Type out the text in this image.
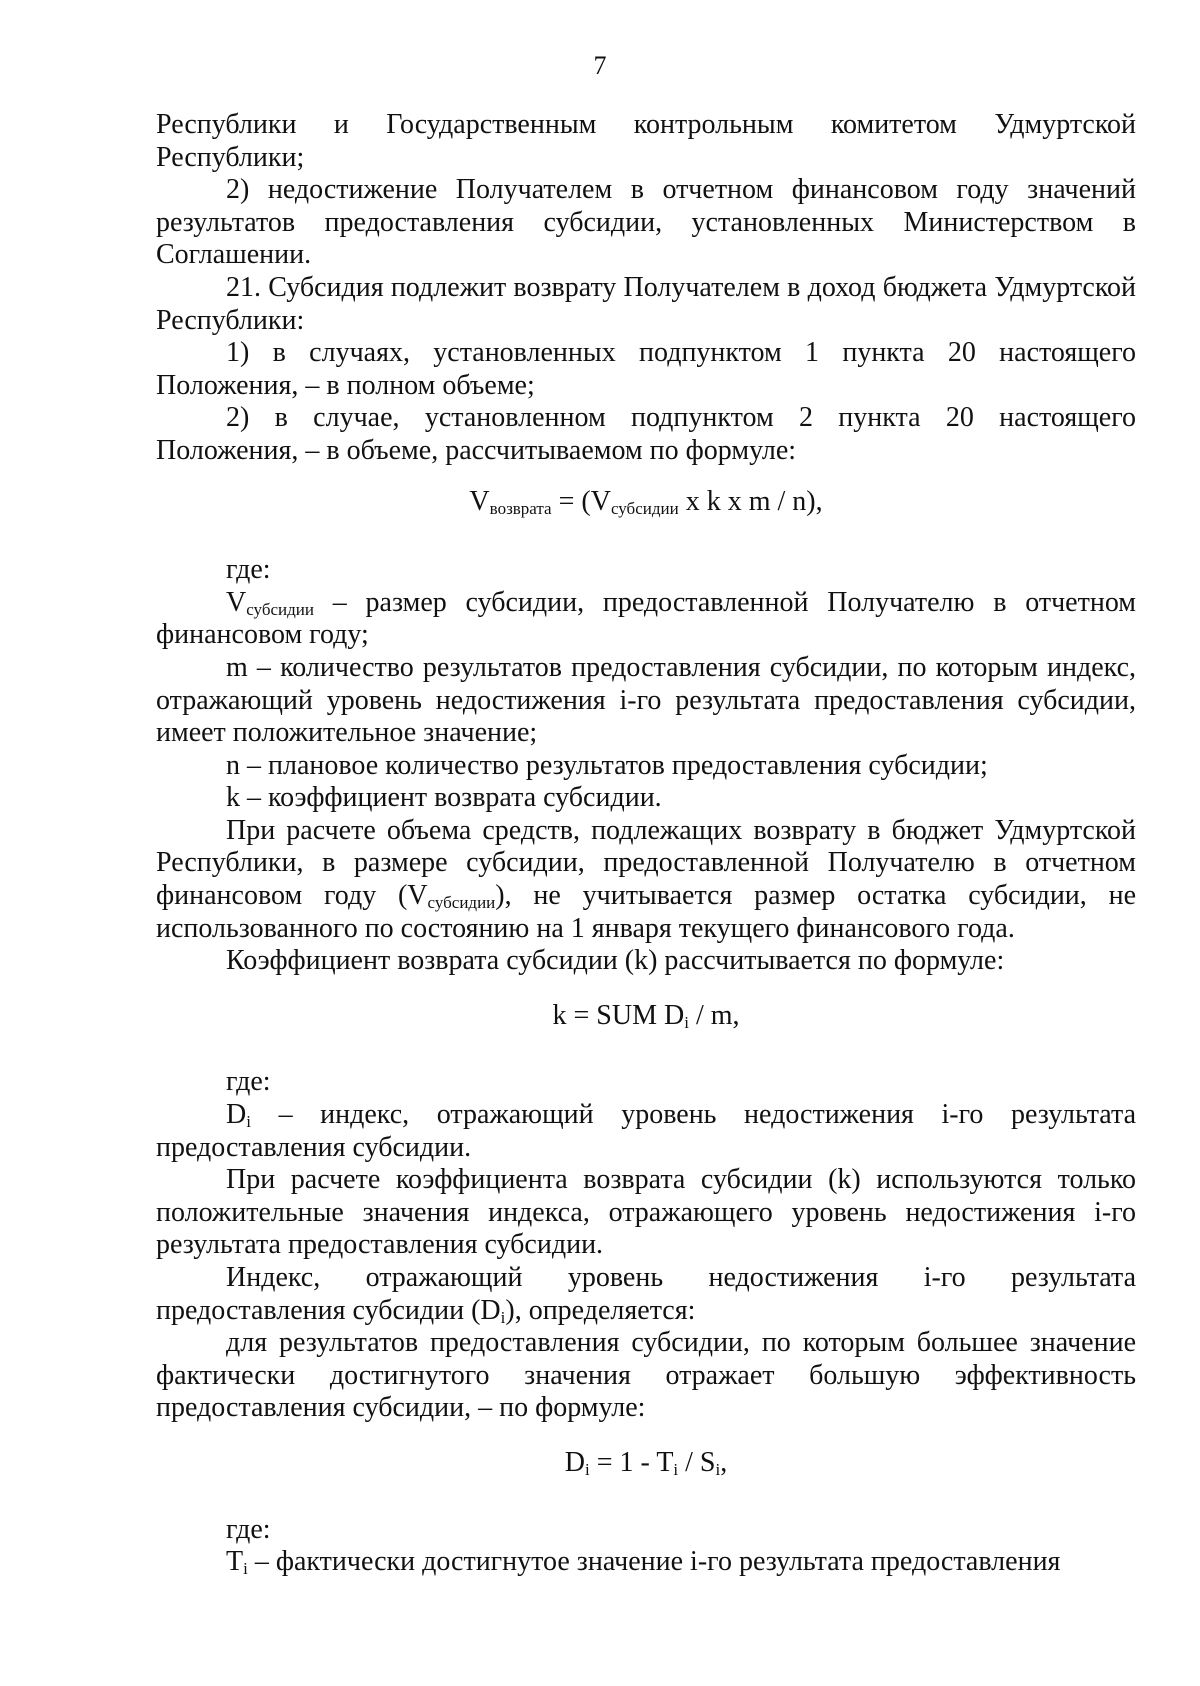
7

Республики и Государственным контрольным комитетом Удмуртской Республики;

2) недостижение Получателем в отчетном финансовом году значений результатов предоставления субсидии, установленных Министерством в Соглашении.

21. Субсидия подлежит возврату Получателем в доход бюджета Удмуртской Республики:

1) в случаях, установленных подпунктом 1 пункта 20 настоящего Положения, – в полном объеме;

2) в случае, установленном подпунктом 2 пункта 20 настоящего Положения, – в объеме, рассчитываемом по формуле:

$V_{возврата} = (V_{субсидии}$ x k x m / n),

где:

$V_{субсидии}$ – размер субсидии, предоставленной Получателю в отчетном финансовом году;

m – количество результатов предоставления субсидии, по которым индекс, отражающий уровень недостижения i-го результата предоставления субсидии, имеет положительное значение;

n – плановое количество результатов предоставления субсидии;

k – коэффициент возврата субсидии.

При расчете объема средств, подлежащих возврату в бюджет Удмуртской Республики, в размере субсидии, предоставленной Получателю в отчетном финансовом году $(V_{субсидии})$, не учитывается размер остатка субсидии, не использованного по состоянию на 1 января текущего финансового года.

Коэффициент возврата субсидии (k) рассчитывается по формуле:

k = SUM $D_i$ / m,

где:

$D_i$ – индекс, отражающий уровень недостижения i-го результата предоставления субсидии.

При расчете коэффициента возврата субсидии (k) используются только положительные значения индекса, отражающего уровень недостижения i-го результата предоставления субсидии.

Индекс, отражающий уровень недостижения i-го результата предоставления субсидии $(D_i)$, определяется:

для результатов предоставления субсидии, по которым большее значение фактически достигнутого значения отражает большую эффективность предоставления субсидии, – по формуле:

$D_i = 1 - T_i / S_i$,

где:

$T_i$ – фактически достигнутое значение i-го результата предоставления
